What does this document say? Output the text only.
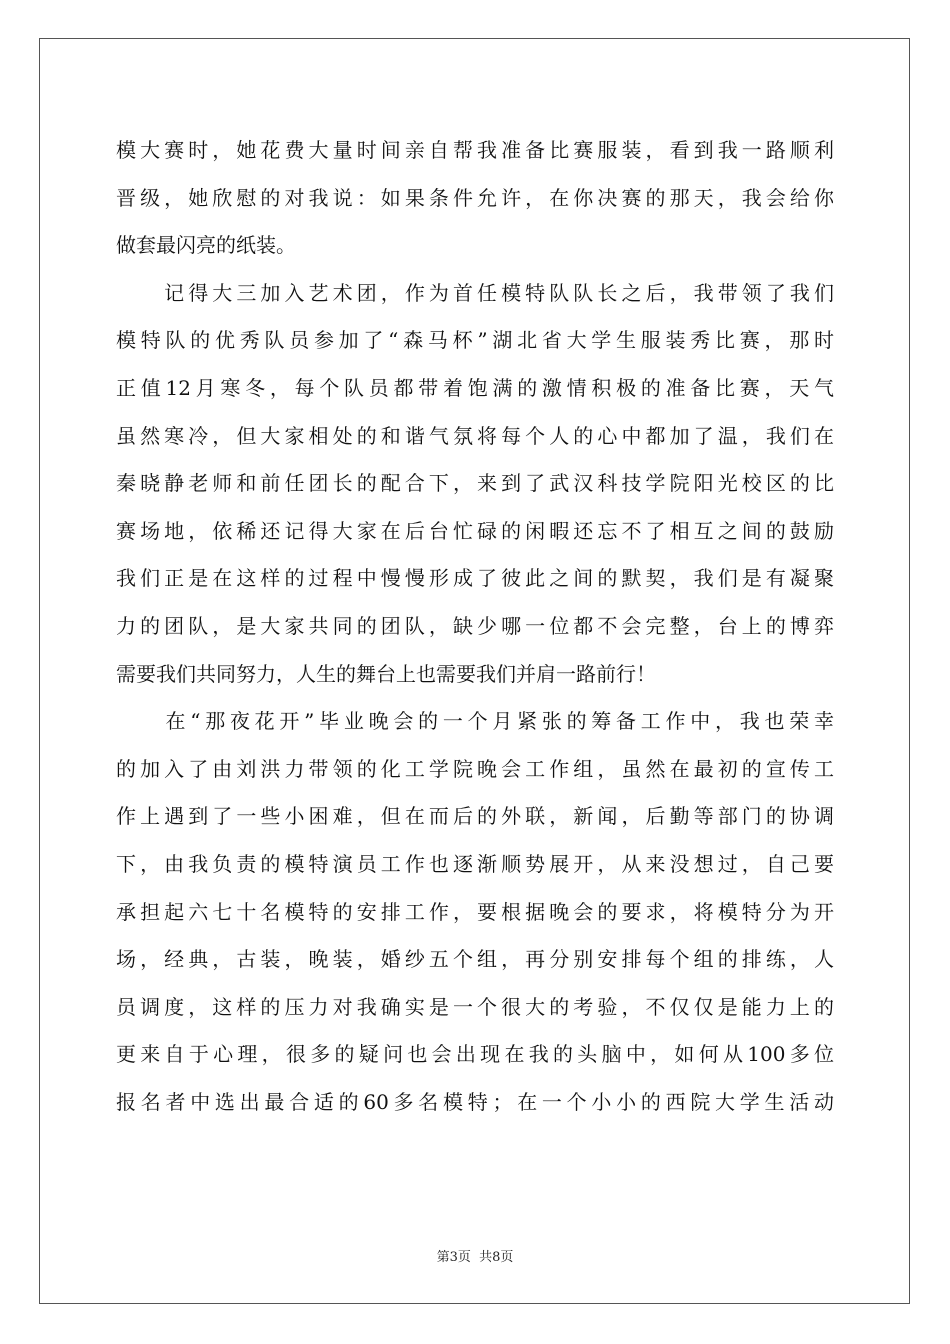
模大赛时，她花费大量时间亲自帮我准备比赛服装，看到我一路顺利
晋级，她欣慰的对我说：如果条件允许，在你决赛的那天，我会给你
做套最闪亮的纸装。
　　记得大三加入艺术团，作为首任模特队队长之后，我带领了我们
模特队的优秀队员参加了“森马杯”湖北省大学生服装秀比赛，那时
正值12月寒冬，每个队员都带着饱满的激情积极的准备比赛，天气
虽然寒冷，但大家相处的和谐气氛将每个人的心中都加了温，我们在
秦晓静老师和前任团长的配合下，来到了武汉科技学院阳光校区的比
赛场地，依稀还记得大家在后台忙碌的闲暇还忘不了相互之间的鼓励
我们正是在这样的过程中慢慢形成了彼此之间的默契，我们是有凝聚
力的团队，是大家共同的团队，缺少哪一位都不会完整，台上的博弈
需要我们共同努力，人生的舞台上也需要我们并肩一路前行！
　　在“那夜花开”毕业晚会的一个月紧张的筹备工作中，我也荣幸
的加入了由刘洪力带领的化工学院晚会工作组，虽然在最初的宣传工
作上遇到了一些小困难，但在而后的外联，新闻，后勤等部门的协调
下，由我负责的模特演员工作也逐渐顺势展开，从来没想过，自己要
承担起六七十名模特的安排工作，要根据晚会的要求，将模特分为开
场，经典，古装，晚装，婚纱五个组，再分别安排每个组的排练，人
员调度，这样的压力对我确实是一个很大的考验，不仅仅是能力上的
更来自于心理，很多的疑问也会出现在我的头脑中，如何从100多位
报名者中选出最合适的60多名模特；在一个小小的西院大学生活动
第3页 共8页
